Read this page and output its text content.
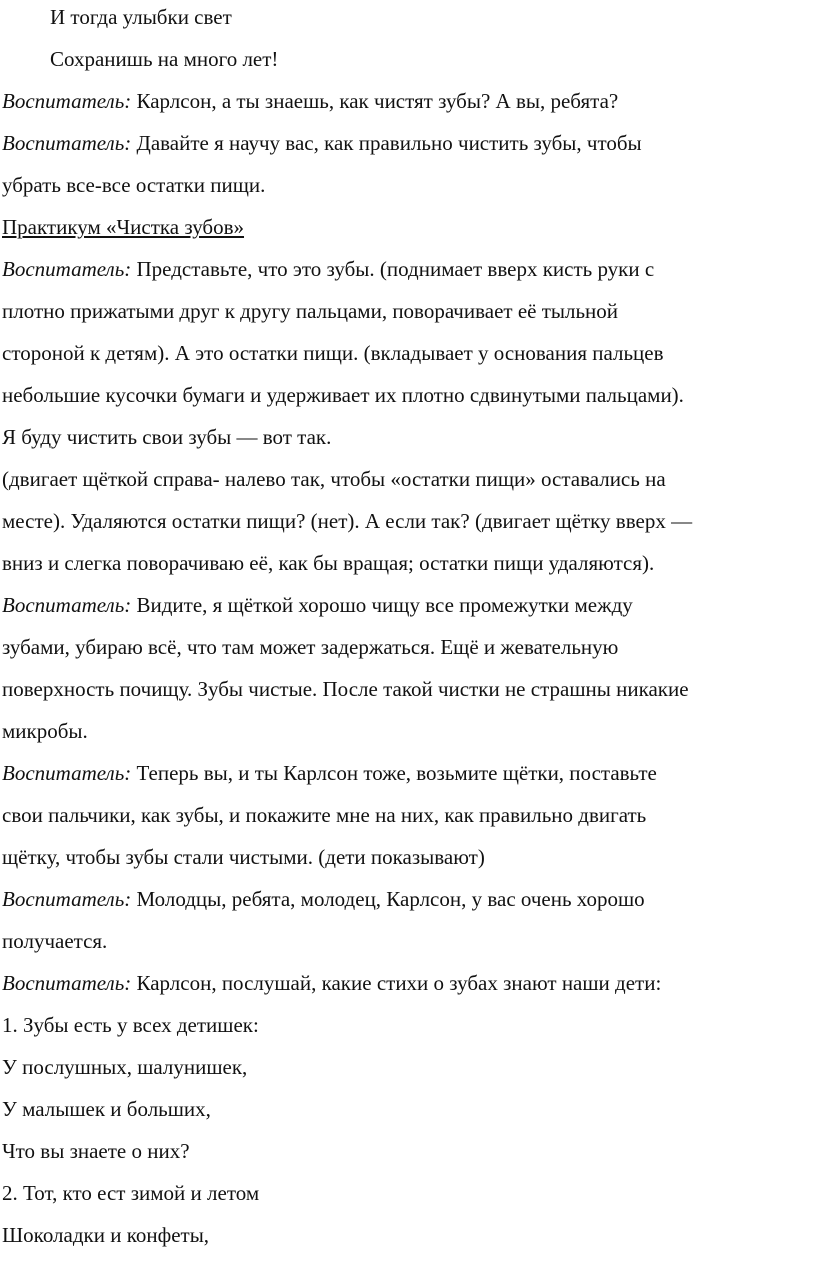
И тогда улыбки свет
Сохранишь на много лет!
Воспитатель: Карлсон, а ты знаешь, как чистят зубы? А вы, ребята?
Воспитатель: Давайте я научу вас, как правильно чистить зубы, чтобы
убрать все-все остатки пищи.
Практикум «Чистка зубов»
Воспитатель: Представьте, что это зубы. (поднимает вверх кисть руки с
плотно прижатыми друг к другу пальцами, поворачивает её тыльной
стороной к детям). А это остатки пищи. (вкладывает у основания пальцев
небольшие кусочки бумаги и удерживает их плотно сдвинутыми пальцами).
Я буду чистить свои зубы — вот так.
(двигает щёткой справа- налево так, чтобы «остатки пищи» оставались на
месте). Удаляются остатки пищи? (нет). А если так? (двигает щётку вверх —
вниз и слегка поворачиваю её, как бы вращая; остатки пищи удаляются).
Воспитатель: Видите, я щёткой хорошо чищу все промежутки между
зубами, убираю всё, что там может задержаться. Ещё и жевательную
поверхность почищу. Зубы чистые. После такой чистки не страшны никакие
микробы.
Воспитатель: Теперь вы, и ты Карлсон тоже, возьмите щётки, поставьте
свои пальчики, как зубы, и покажите мне на них, как правильно двигать
щётку, чтобы зубы стали чистыми. (дети показывают)
Воспитатель: Молодцы, ребята, молодец, Карлсон, у вас очень хорошо
получается.
Воспитатель: Карлсон, послушай, какие стихи о зубах знают наши дети:
1. Зубы есть у всех детишек:
У послушных, шалунишек,
У малышек и больших,
Что вы знаете о них?
2. Тот, кто ест зимой и летом
Шоколадки и конфеты,
